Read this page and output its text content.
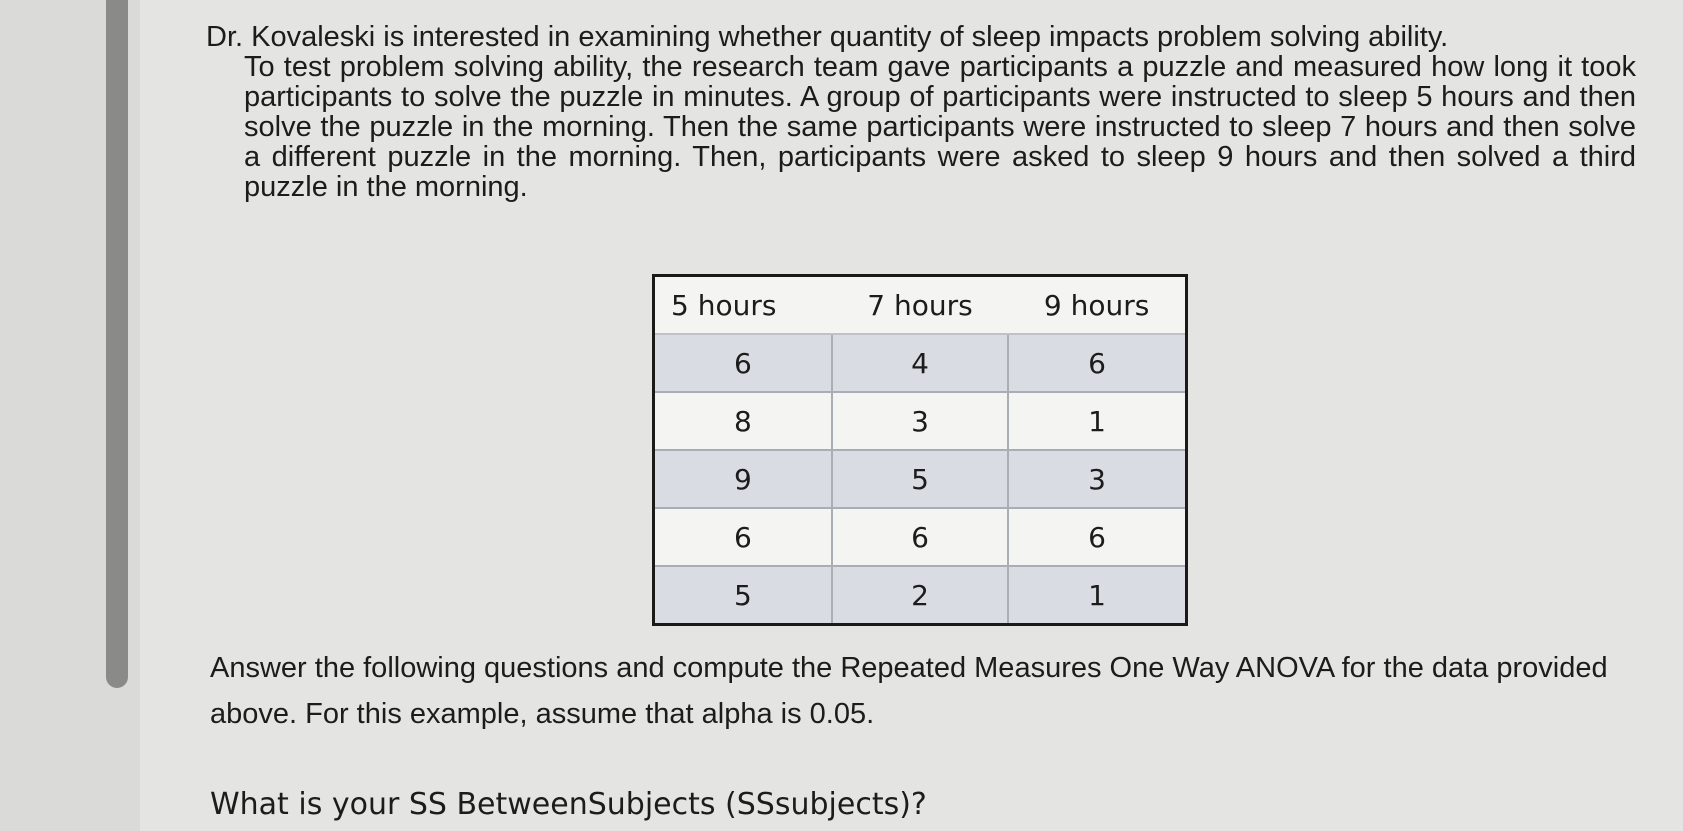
Dr. Kovaleski is interested in examining whether quantity of sleep impacts problem solving ability.
To test problem solving ability, the research team gave participants a puzzle and measured how long it took participants to solve the puzzle in minutes. A group of participants were instructed to sleep 5 hours and then solve the puzzle in the morning. Then the same participants were instructed to sleep 7 hours and then solve a different puzzle in the morning. Then, participants were asked to sleep 9 hours and then solved a third puzzle in the morning.

5 hours	7 hours	9 hours
6	4	6
8	3	1
9	5	3
6	6	6
5	2	1

Answer the following questions and compute the Repeated Measures One Way ANOVA for the data provided above. For this example, assume that alpha is 0.05.

What is your SS BetweenSubjects (SSsubjects)?
